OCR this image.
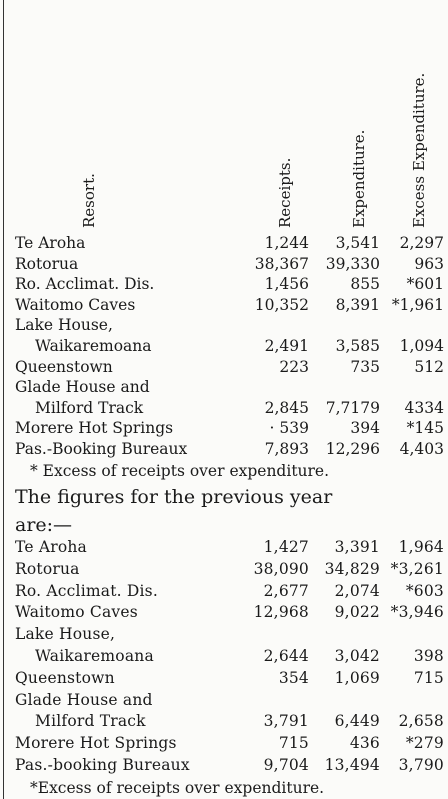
Resort.	Receipts.	Expenditure.	Excess Expenditure.
Te Aroha	1,244 3,541 2,297
Rotorua	38,367 39,330 963
Ro. Acclimat. Dis.	1,456	855 *601
Waitomo Caves	10,352 8,391 *1,961
Lake House,
Waikaremoana	2,491 3,585 1,094
Queenstown	223	735 512
Glade House and
Milford Track	2,845 7,7179 4334
Morere Hot Springs	· 539	394 *145
Pas.-Booking Bureaux	7,893 12,296 4,403
* Excess of receipts over expenditure.
The figures for the previous year
are:—
Te Aroha	1,427 3,391 1,964
Rotorua	38,090 34,829 *3,261
Ro. Acclimat. Dis.	2,677 2,074 *603
Waitomo Caves	12,968 9,022 *3,946
Lake House,
Waikaremoana	2,644 3,042 398
Queenstown	354 1,069 715
Glade House and
Milford Track	3,791 6,449 2,658
Morere Hot Springs	715	436 *279
Pas.-booking Bureaux	9,704 13,494 3,790
*Excess of receipts over expenditure.
